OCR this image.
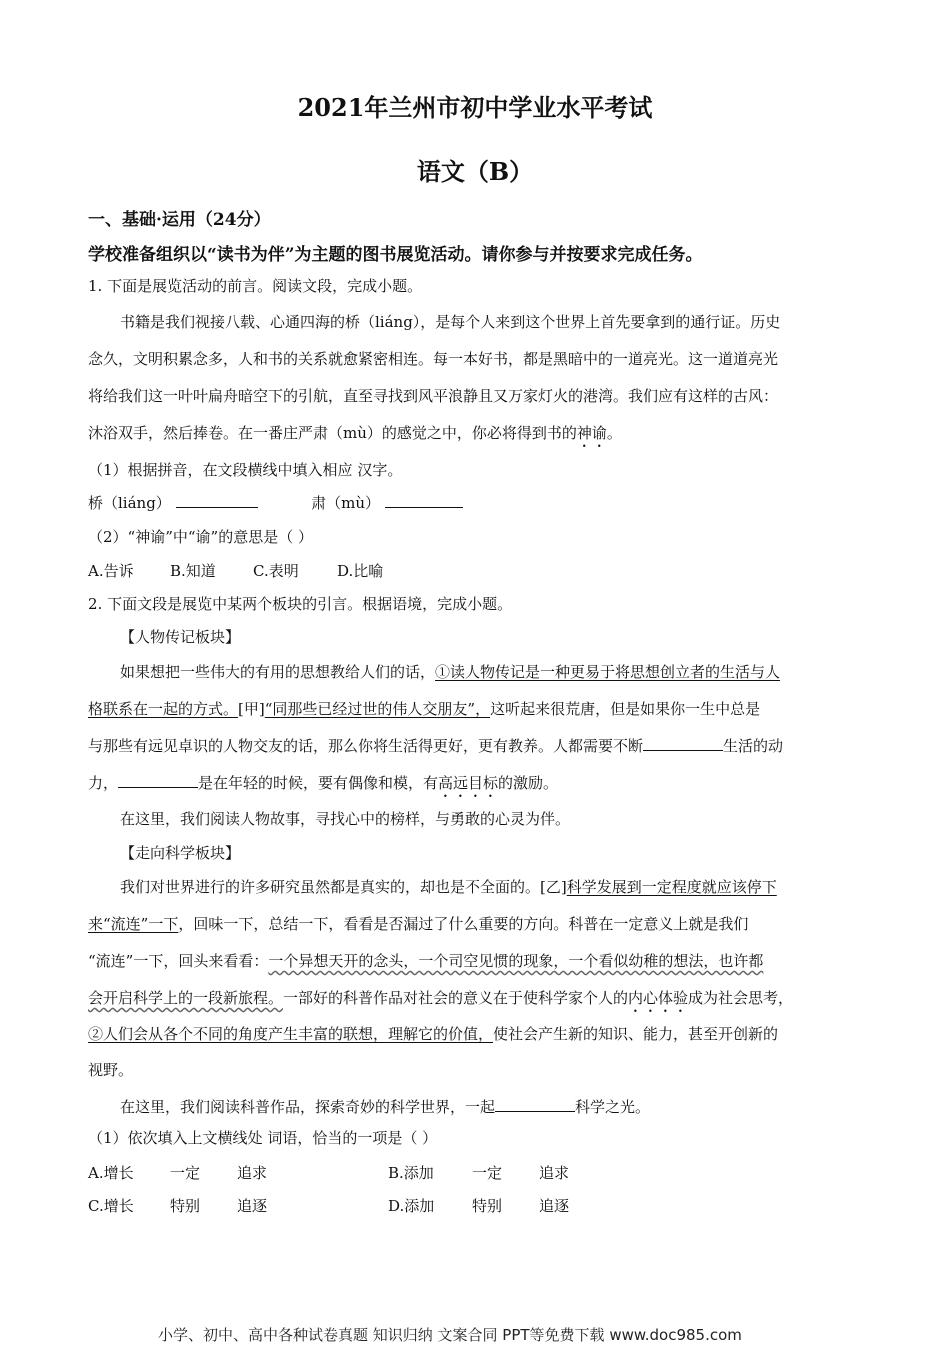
2021年兰州市初中学业水平考试
语文（B）
一、基础·运用（24分）
学校准备组织以“读书为伴”为主题的图书展览活动。请你参与并按要求完成任务。
1. 下面是展览活动的前言。阅读文段，完成小题。
书籍是我们视接八载、心通四海的桥（liáng），是每个人来到这个世界上首先要拿到的通行证。历史
念久，文明积累念多，人和书的关系就愈紧密相连。每一本好书，都是黑暗中的一道亮光。这一道道亮光
将给我们这一叶叶扁舟暗空下的引航，直至寻找到风平浪静且又万家灯火的港湾。我们应有这样的古风：
沐浴双手，然后捧卷。在一番庄严肃（mù）的感觉之中，你必将得到书的神谕。
（1）根据拼音，在文段横线中填入相应 汉字。
桥（liáng）	肃（mù）
（2）“神谕”中“谕”的意思是（ ）
A.告诉 B.知道 C.表明	D.比喻
2. 下面文段是展览中某两个板块的引言。根据语境，完成小题。
【人物传记板块】
如果想把一些伟大的有用的思想教给人们的话，①读人物传记是一种更易于将思想创立者的生活与人
格联系在一起的方式。[甲]“同那些已经过世的伟人交朋友”，这听起来很荒唐，但是如果你一生中总是
与那些有远见卓识的人物交友的话，那么你将生活得更好，更有教养。人都需要不断	生活的动
力，	是在年轻的时候，要有偶像和模，有高远目标的激励。
在这里，我们阅读人物故事，寻找心中的榜样，与勇敢的心灵为伴。
【走向科学板块】
我们对世界进行的许多研究虽然都是真实的，却也是不全面的。[乙]科学发展到一定程度就应该停下
来“流连”一下，回味一下，总结一下，看看是否漏过了什么重要的方向。科普在一定意义上就是我们
“流连”一下，回头来看看：一个异想天开的念头，一个司空见惯的现象，一个看似幼稚的想法，也许都
会开启科学上的一段新旅程。一部好的科普作品对社会的意义在于使科学家个人的内心体验成为社会思考，
②人们会从各个不同的角度产生丰富的联想，理解它的价值，使社会产生新的知识、能力，甚至开创新的
视野。
在这里，我们阅读科普作品，探索奇妙的科学世界，一起	科学之光。
（1）依次填入上文横线处 词语，恰当的一项是（ ）
A.增长 一定 追求	B.添加	一定 追求
C.增长 特别 追逐	D.添加	特别 追逐
小学、初中、高中各种试卷真题 知识归纳 文案合同 PPT等免费下载 www.doc985.com
